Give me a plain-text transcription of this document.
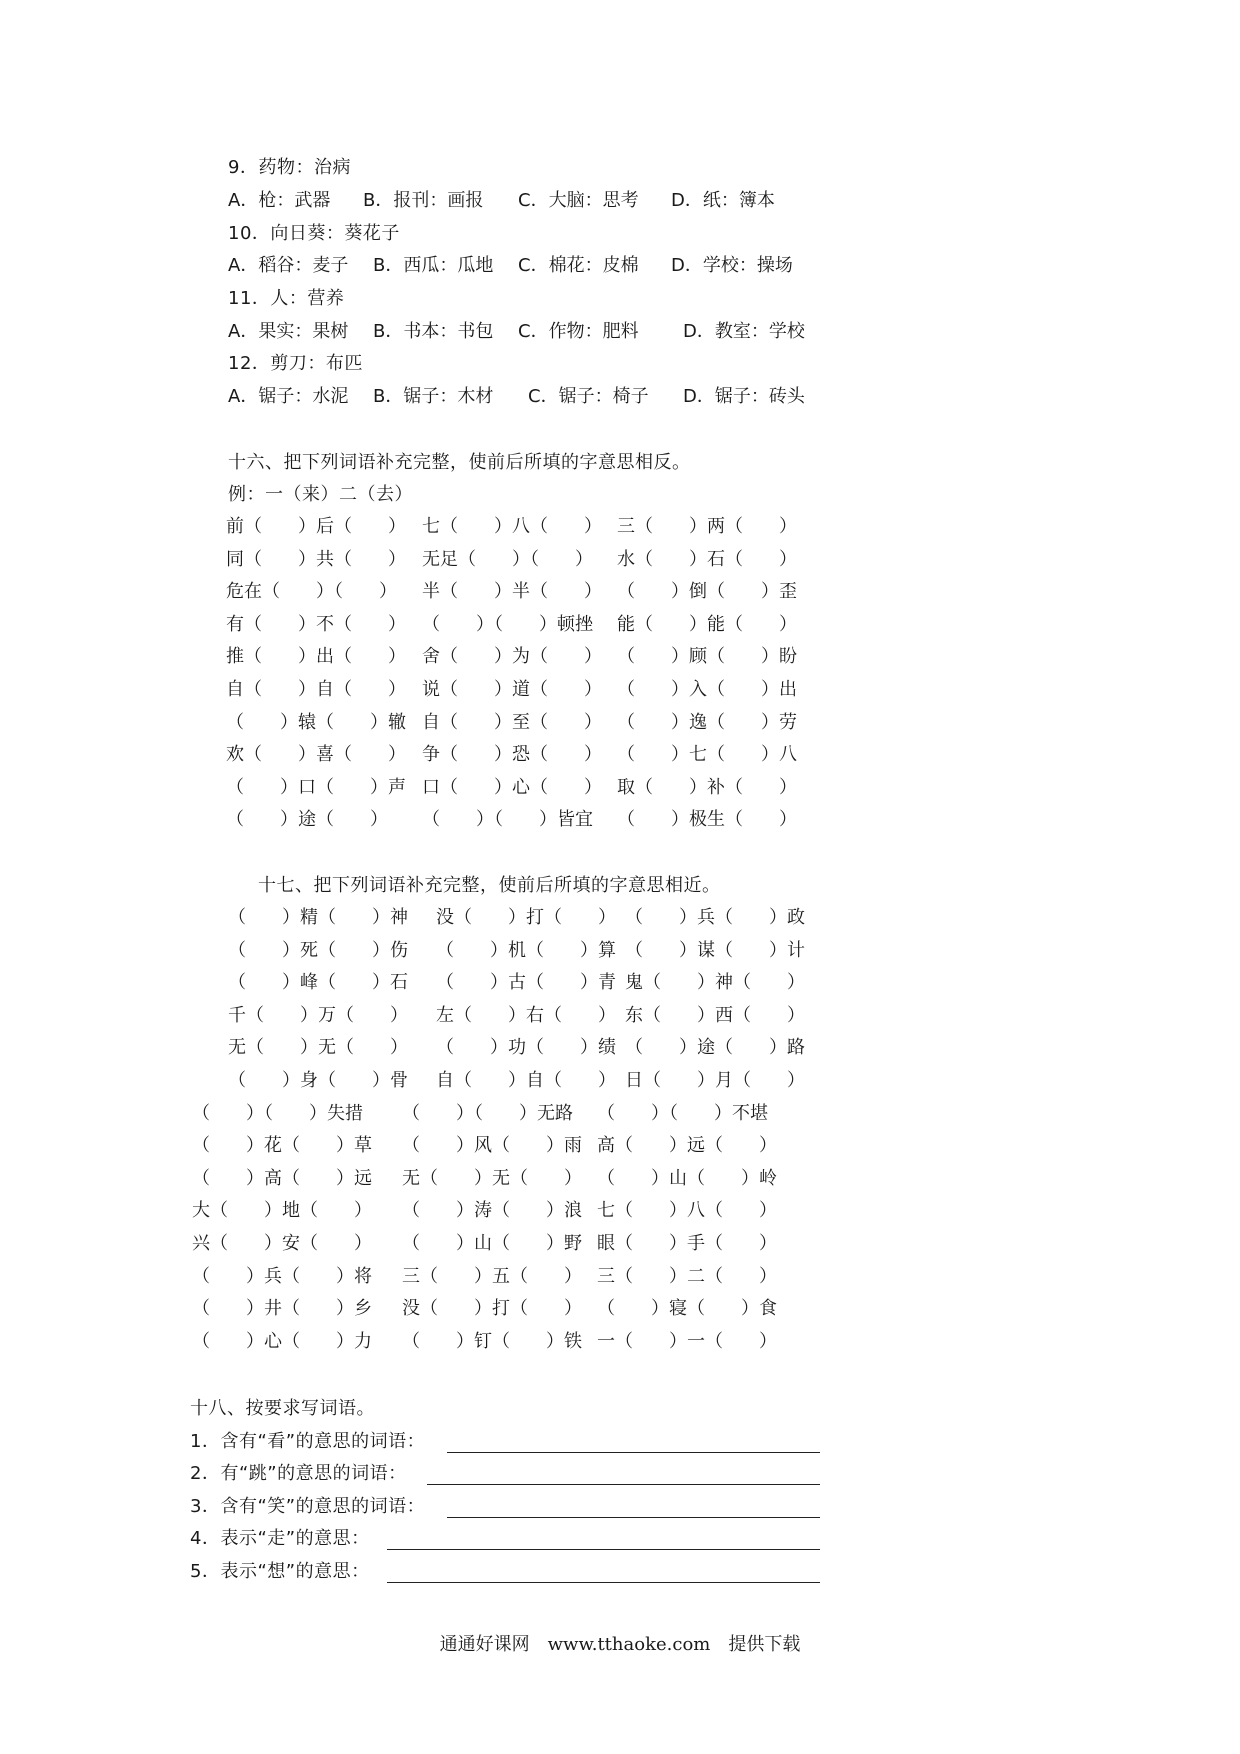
9．药物：治病

A．枪：武器

B．报刊：画报

C．大脑：思考

D．纸：簿本

10．向日葵：葵花子

A．稻谷：麦子

B．西瓜：瓜地

C．棉花：皮棉

D．学校：操场

11．人：营养

A．果实：果树

B．书本：书包

C．作物：肥料

D．教室：学校

12．剪刀：布匹

A．锯子：水泥

B．锯子：木材

C．锯子：椅子

D．锯子：砖头

十六、把下列词语补充完整，使前后所填的字意思相反。
例：一（来）二（去）
前（　　）后（　　） 七（　　）八（　　） 三（　　）两（　　）
同（　　）共（　　） 无足（　　）（　　） 水（　　）石（　　）
危在（　　）（　　） 半（　　）半（　　） （　　）倒（　　）歪
有（　　）不（　　） （　　）（　　）顿挫 能（　　）能（　　）
推（　　）出（　　） 舍（　　）为（　　） （　　）顾（　　）盼
自（　　）自（　　） 说（　　）道（　　） （　　）入（　　）出
（　　）辕（　　）辙 自（　　）至（　　） （　　）逸（　　）劳
欢（　　）喜（　　） 争（　　）恐（　　） （　　）七（　　）八
（　　）口（　　）声 口（　　）心（　　） 取（　　）补（　　）
（　　）途（　　） （　　）（　　）皆宜 （　　）极生（　　）
十七、把下列词语补充完整，使前后所填的字意思相近。
（　　）精（　　）神 没（　　）打（　　） （　　）兵（　　）政
（　　）死（　　）伤 （　　）机（　　）算 （　　）谋（　　）计
（　　）峰（　　）石 （　　）古（　　）青 鬼（　　）神（　　）
千（　　）万（　　） 左（　　）右（　　） 东（　　）西（　　）
无（　　）无（　　） （　　）功（　　）绩 （　　）途（　　）路
（　　）身（　　）骨 自（　　）自（　　） 日（　　）月（　　）
（　　）（　　）失措 （　　）（　　）无路 （　　）（　　）不堪
（　　）花（　　）草 （　　）风（　　）雨 高（　　）远（　　）
（　　）高（　　）远 无（　　）无（　　） （　　）山（　　）岭
大（　　）地（　　） （　　）涛（　　）浪 七（　　）八（　　）
兴（　　）安（　　） （　　）山（　　）野 眼（　　）手（　　）
（　　）兵（　　）将 三（　　）五（　　） 三（　　）二（　　）
（　　）井（　　）乡 没（　　）打（　　） （　　）寝（　　）食
（　　）心（　　）力 （　　）钉（　　）铁 一（　　）一（　　）
十八、按要求写词语。
1．含有“看”的意思的词语：
2．有“跳”的意思的词语：
3．含有“笑”的意思的词语：
4．表示“走”的意思：
5．表示“想”的意思：
通通好课网　www.tthaoke.com　提供下载
